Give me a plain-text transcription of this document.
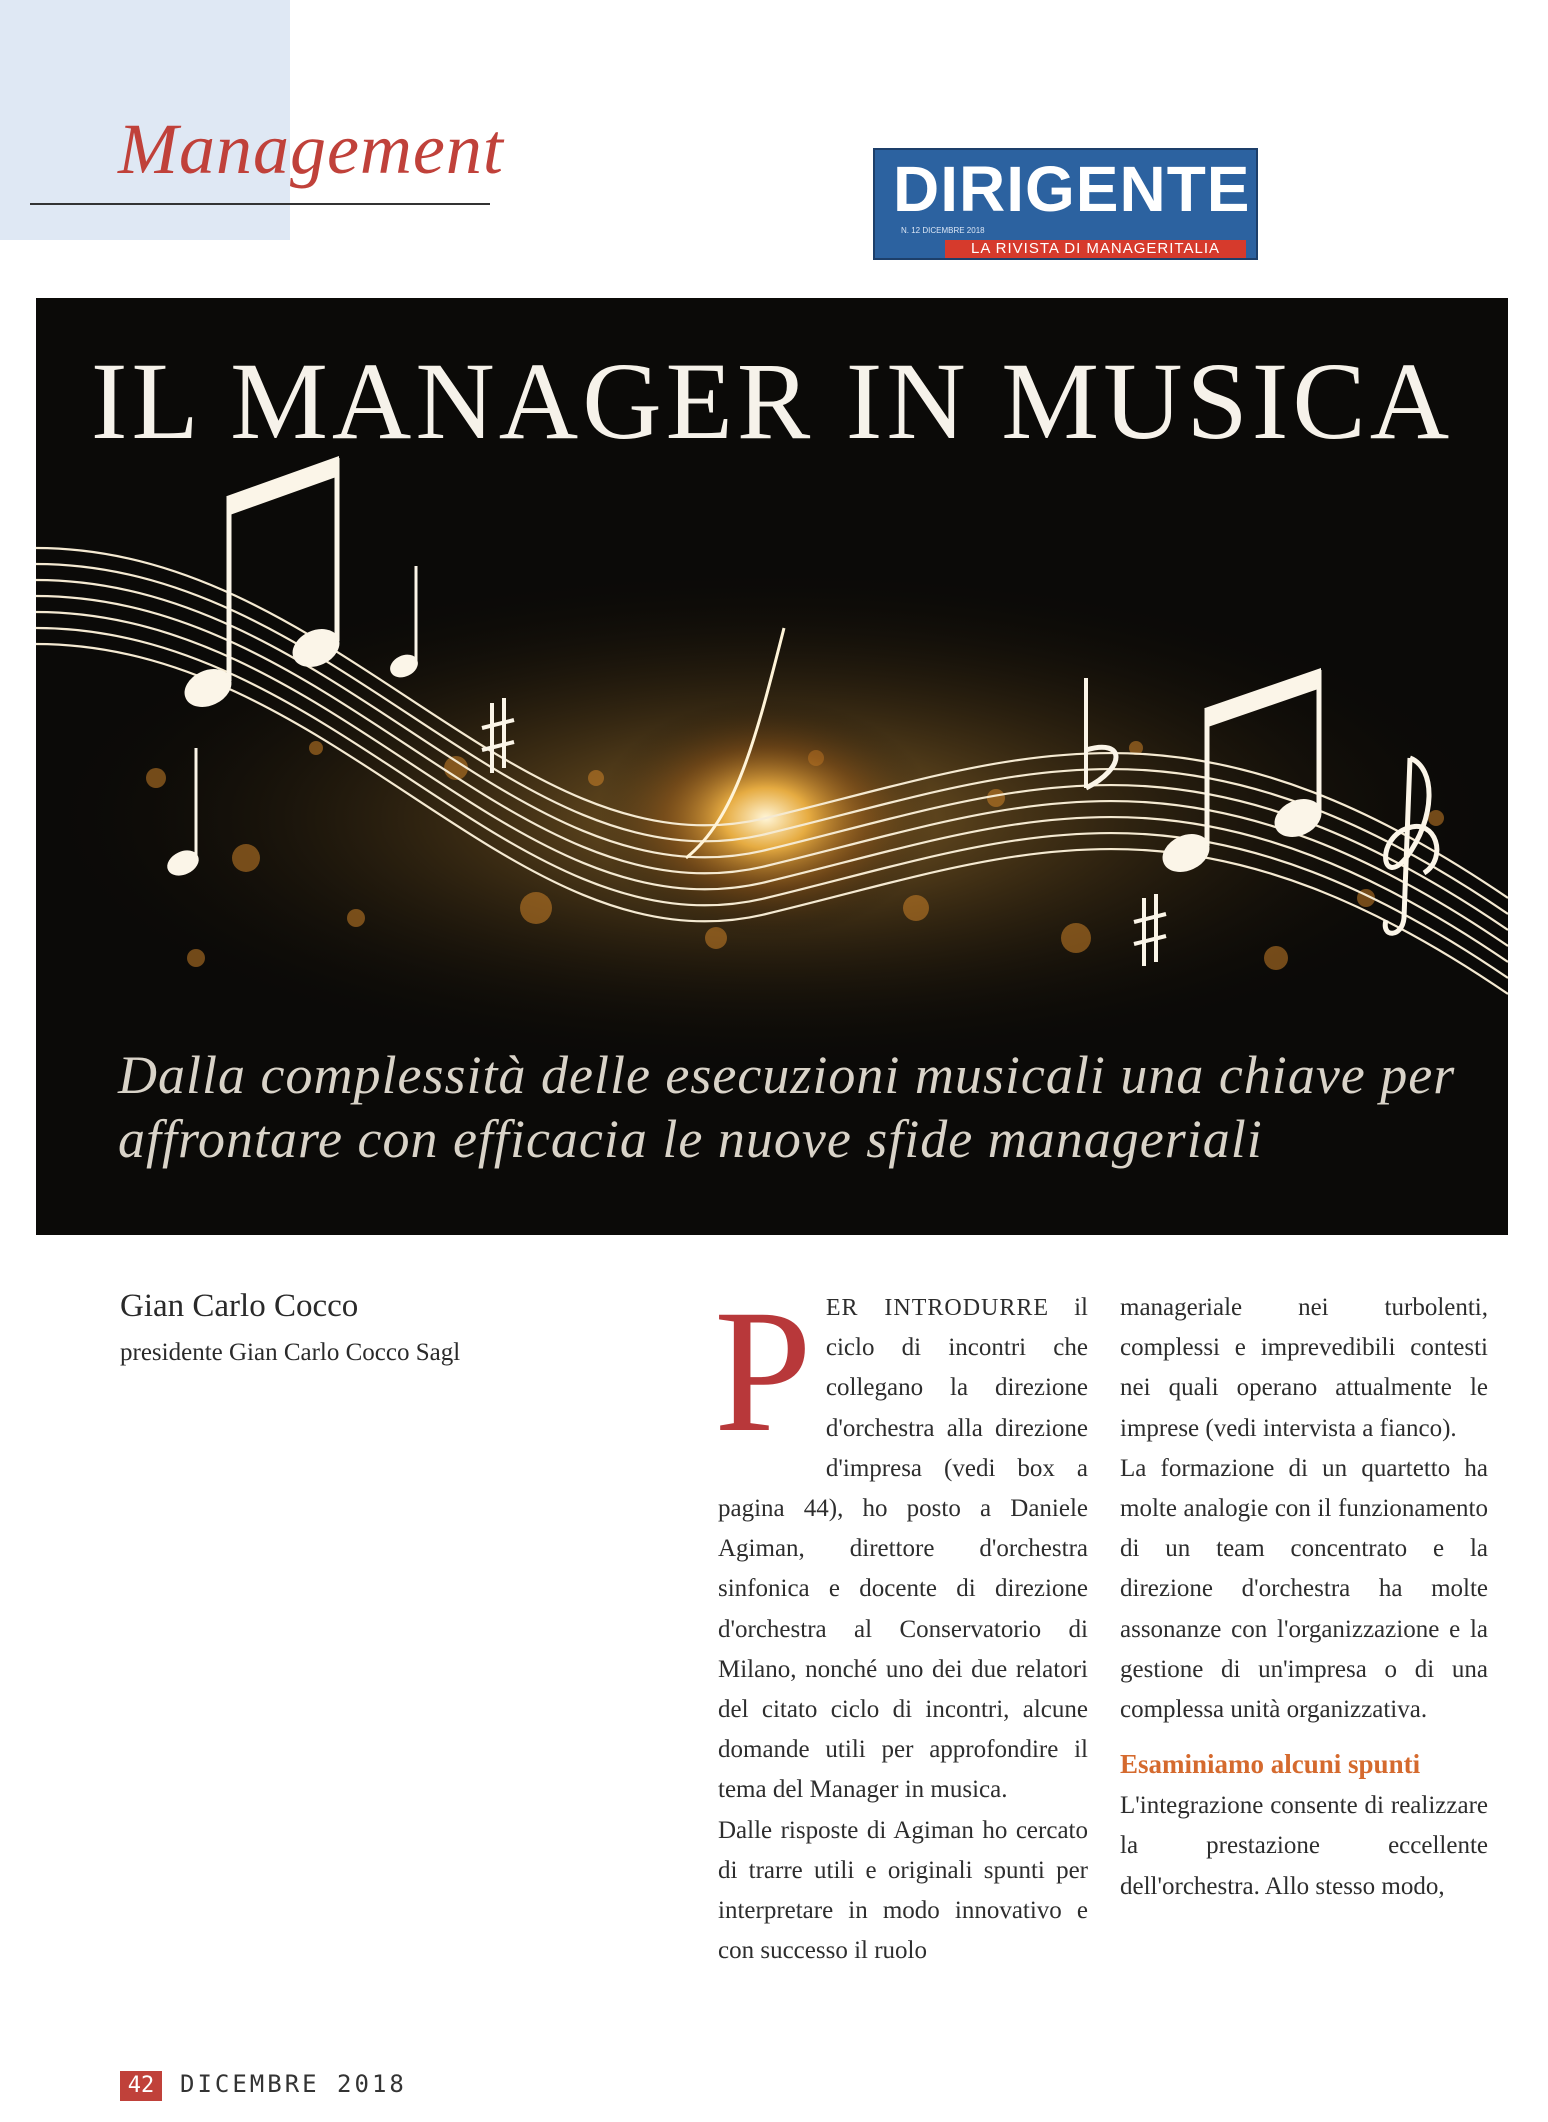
Management	DIRIGENTE
N. 12 DICEMBRE 2018
LA RIVISTA DI MANAGERITALIA
IL MANAGER IN MUSICA

Dalla complessità delle esecuzioni musicali una chiave per affrontare con efficacia le nuove sfide manageriali

Gian Carlo Cocco
presidente Gian Carlo Cocco Sagl PER INTRODURRE il ciclo di incontri che collegano la direzione d'orchestra alla direzione d'impresa (vedi box a pagina 44), ho posto a Daniele Agiman, direttore d'orchestra sinfonica e docente di direzione d'orchestra al Conservatorio di Milano, nonché uno dei due relatori del citato ciclo di incontri, alcune domande utili per approfondire il tema del Manager in musica.

Dalle risposte di Agiman ho cercato di trarre utili e originali spunti per interpretare in modo innovativo e con successo il ruolo

manageriale nei turbolenti, complessi e imprevedibili contesti nei quali operano attualmente le imprese (vedi intervista a fianco).

La formazione di un quartetto ha molte analogie con il funzionamento di un team concentrato e la direzione d'orchestra ha molte assonanze con l'organizzazione e la gestione di un'impresa o di una complessa unità organizzativa.

Esaminiamo alcuni spunti

L'integrazione consente di realizzare la prestazione eccellente dell'orchestra. Allo stesso modo,

42	DICEMBRE 2018
